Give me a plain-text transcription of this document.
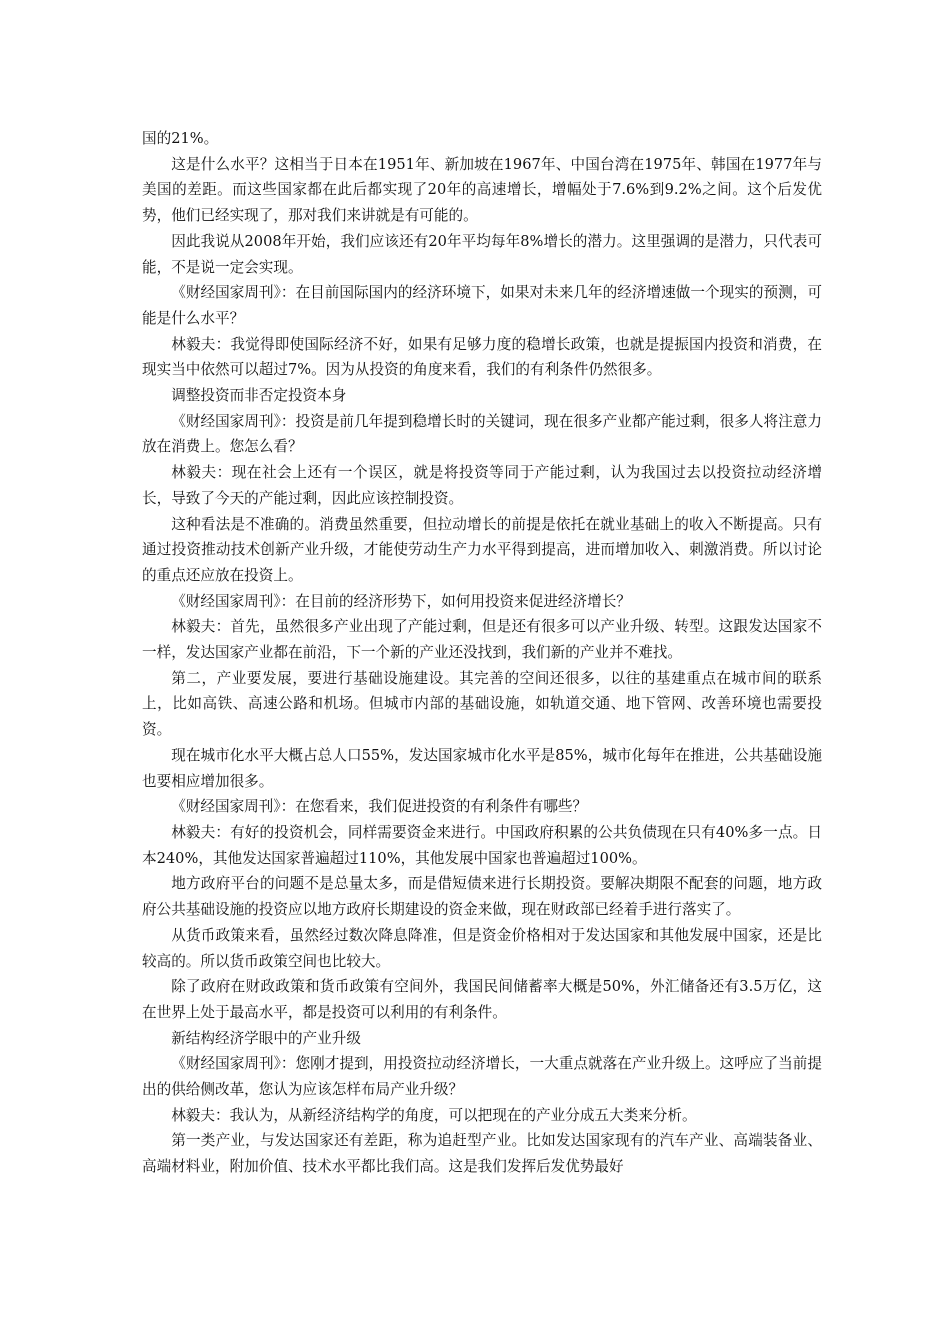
国的21%。

这是什么水平？这相当于日本在1951年、新加坡在1967年、中国台湾在1975年、韩国在1977年与美国的差距。而这些国家都在此后都实现了20年的高速增长，增幅处于7.6%到9.2%之间。这个后发优势，他们已经实现了，那对我们来讲就是有可能的。

因此我说从2008年开始，我们应该还有20年平均每年8%增长的潜力。这里强调的是潜力，只代表可能，不是说一定会实现。

《财经国家周刊》：在目前国际国内的经济环境下，如果对未来几年的经济增速做一个现实的预测，可能是什么水平？

林毅夫：我觉得即使国际经济不好，如果有足够力度的稳增长政策，也就是提振国内投资和消费，在现实当中依然可以超过7%。因为从投资的角度来看，我们的有利条件仍然很多。

调整投资而非否定投资本身

《财经国家周刊》：投资是前几年提到稳增长时的关键词，现在很多产业都产能过剩，很多人将注意力放在消费上。您怎么看？

林毅夫：现在社会上还有一个误区，就是将投资等同于产能过剩，认为我国过去以投资拉动经济增长，导致了今天的产能过剩，因此应该控制投资。

这种看法是不准确的。消费虽然重要，但拉动增长的前提是依托在就业基础上的收入不断提高。只有通过投资推动技术创新产业升级，才能使劳动生产力水平得到提高，进而增加收入、刺激消费。所以讨论的重点还应放在投资上。

《财经国家周刊》：在目前的经济形势下，如何用投资来促进经济增长？

林毅夫：首先，虽然很多产业出现了产能过剩，但是还有很多可以产业升级、转型。这跟发达国家不一样，发达国家产业都在前沿，下一个新的产业还没找到，我们新的产业并不难找。

第二，产业要发展，要进行基础设施建设。其完善的空间还很多，以往的基建重点在城市间的联系上，比如高铁、高速公路和机场。但城市内部的基础设施，如轨道交通、地下管网、改善环境也需要投资。

现在城市化水平大概占总人口55%，发达国家城市化水平是85%，城市化每年在推进，公共基础设施也要相应增加很多。

《财经国家周刊》：在您看来，我们促进投资的有利条件有哪些？

林毅夫：有好的投资机会，同样需要资金来进行。中国政府积累的公共负债现在只有40%多一点。日本240%，其他发达国家普遍超过110%，其他发展中国家也普遍超过100%。

地方政府平台的问题不是总量太多，而是借短债来进行长期投资。要解决期限不配套的问题，地方政府公共基础设施的投资应以地方政府长期建设的资金来做，现在财政部已经着手进行落实了。

从货币政策来看，虽然经过数次降息降准，但是资金价格相对于发达国家和其他发展中国家，还是比较高的。所以货币政策空间也比较大。

除了政府在财政政策和货币政策有空间外，我国民间储蓄率大概是50%，外汇储备还有3.5万亿，这在世界上处于最高水平，都是投资可以利用的有利条件。

新结构经济学眼中的产业升级

《财经国家周刊》：您刚才提到，用投资拉动经济增长，一大重点就落在产业升级上。这呼应了当前提出的供给侧改革，您认为应该怎样布局产业升级？

林毅夫：我认为，从新经济结构学的角度，可以把现在的产业分成五大类来分析。

第一类产业，与发达国家还有差距，称为追赶型产业。比如发达国家现有的汽车产业、高端装备业、高端材料业，附加价值、技术水平都比我们高。这是我们发挥后发优势最好
